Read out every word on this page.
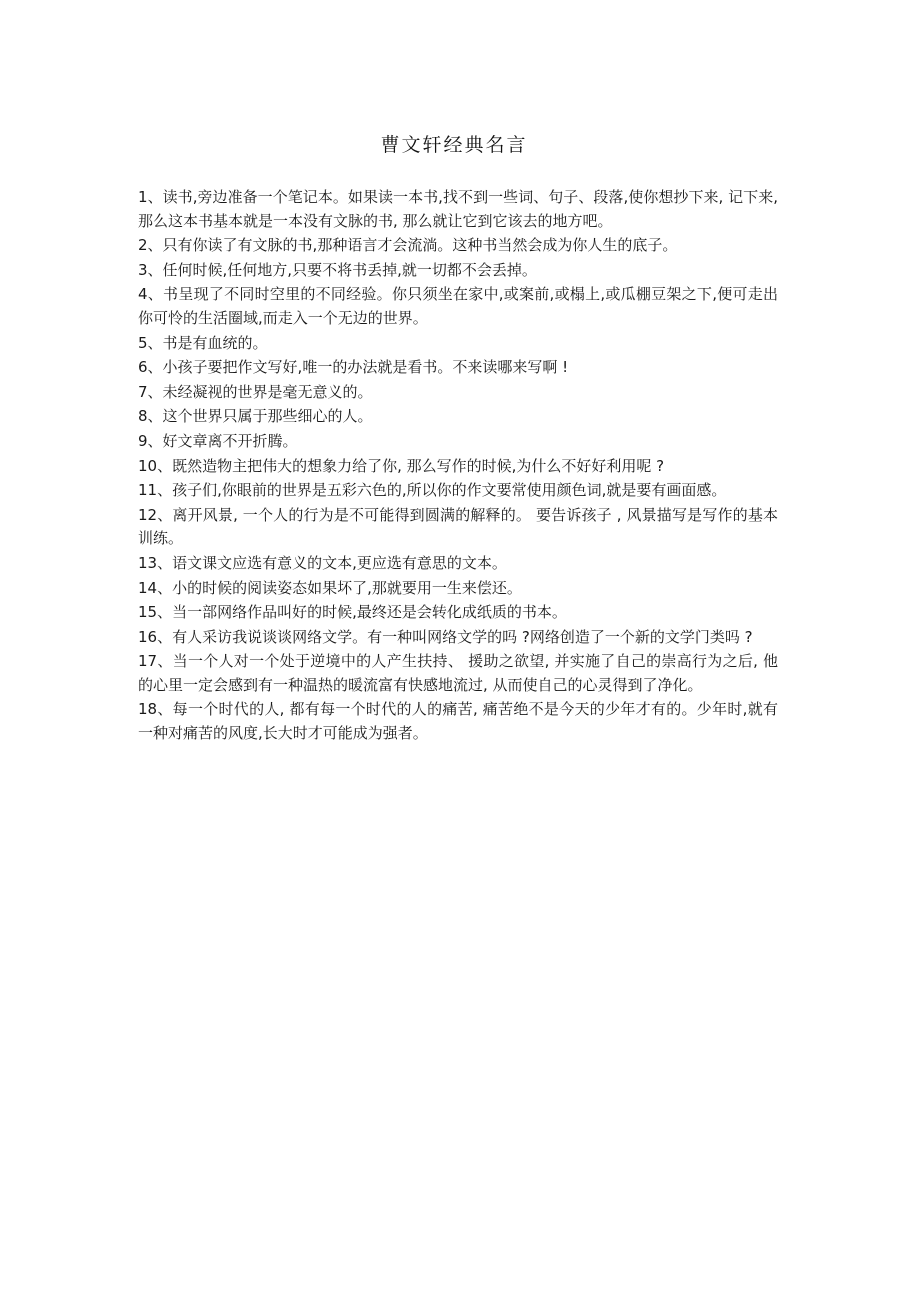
曹文轩经典名言
1、读书,旁边准备一个笔记本。如果读一本书,找不到一些词、句子、段落,使你想抄下来, 记下来, 那么这本书基本就是一本没有文脉的书, 那么就让它到它该去的地方吧。
2、只有你读了有文脉的书,那种语言才会流淌。这种书当然会成为你人生的底子。
3、任何时候,任何地方,只要不将书丢掉,就一切都不会丢掉。
4、书呈现了不同时空里的不同经验。你只须坐在家中,或案前,或榻上,或瓜棚豆架之下,便可走出你可怜的生活圈域,而走入一个无边的世界。
5、书是有血统的。
6、小孩子要把作文写好,唯一的办法就是看书。不来读哪来写啊 !
7、未经凝视的世界是毫无意义的。
8、这个世界只属于那些细心的人。
9、好文章离不开折腾。
10、既然造物主把伟大的想象力给了你, 那么写作的时候,为什么不好好利用呢 ?
11、孩子们,你眼前的世界是五彩六色的,所以你的作文要常使用颜色词,就是要有画面感。
12、离开风景, 一个人的行为是不可能得到圆满的解释的。 要告诉孩子 , 风景描写是写作的基本训练。
13、语文课文应选有意义的文本,更应选有意思的文本。
14、小的时候的阅读姿态如果坏了,那就要用一生来偿还。
15、当一部网络作品叫好的时候,最终还是会转化成纸质的书本。
16、有人采访我说谈谈网络文学。有一种叫网络文学的吗 ?网络创造了一个新的文学门类吗 ?
17、当一个人对一个处于逆境中的人产生扶持、 援助之欲望, 并实施了自己的崇高行为之后, 他的心里一定会感到有一种温热的暖流富有快感地流过, 从而使自己的心灵得到了净化。
18、每一个时代的人, 都有每一个时代的人的痛苦, 痛苦绝不是今天的少年才有的。少年时,就有一种对痛苦的风度,长大时才可能成为强者。
